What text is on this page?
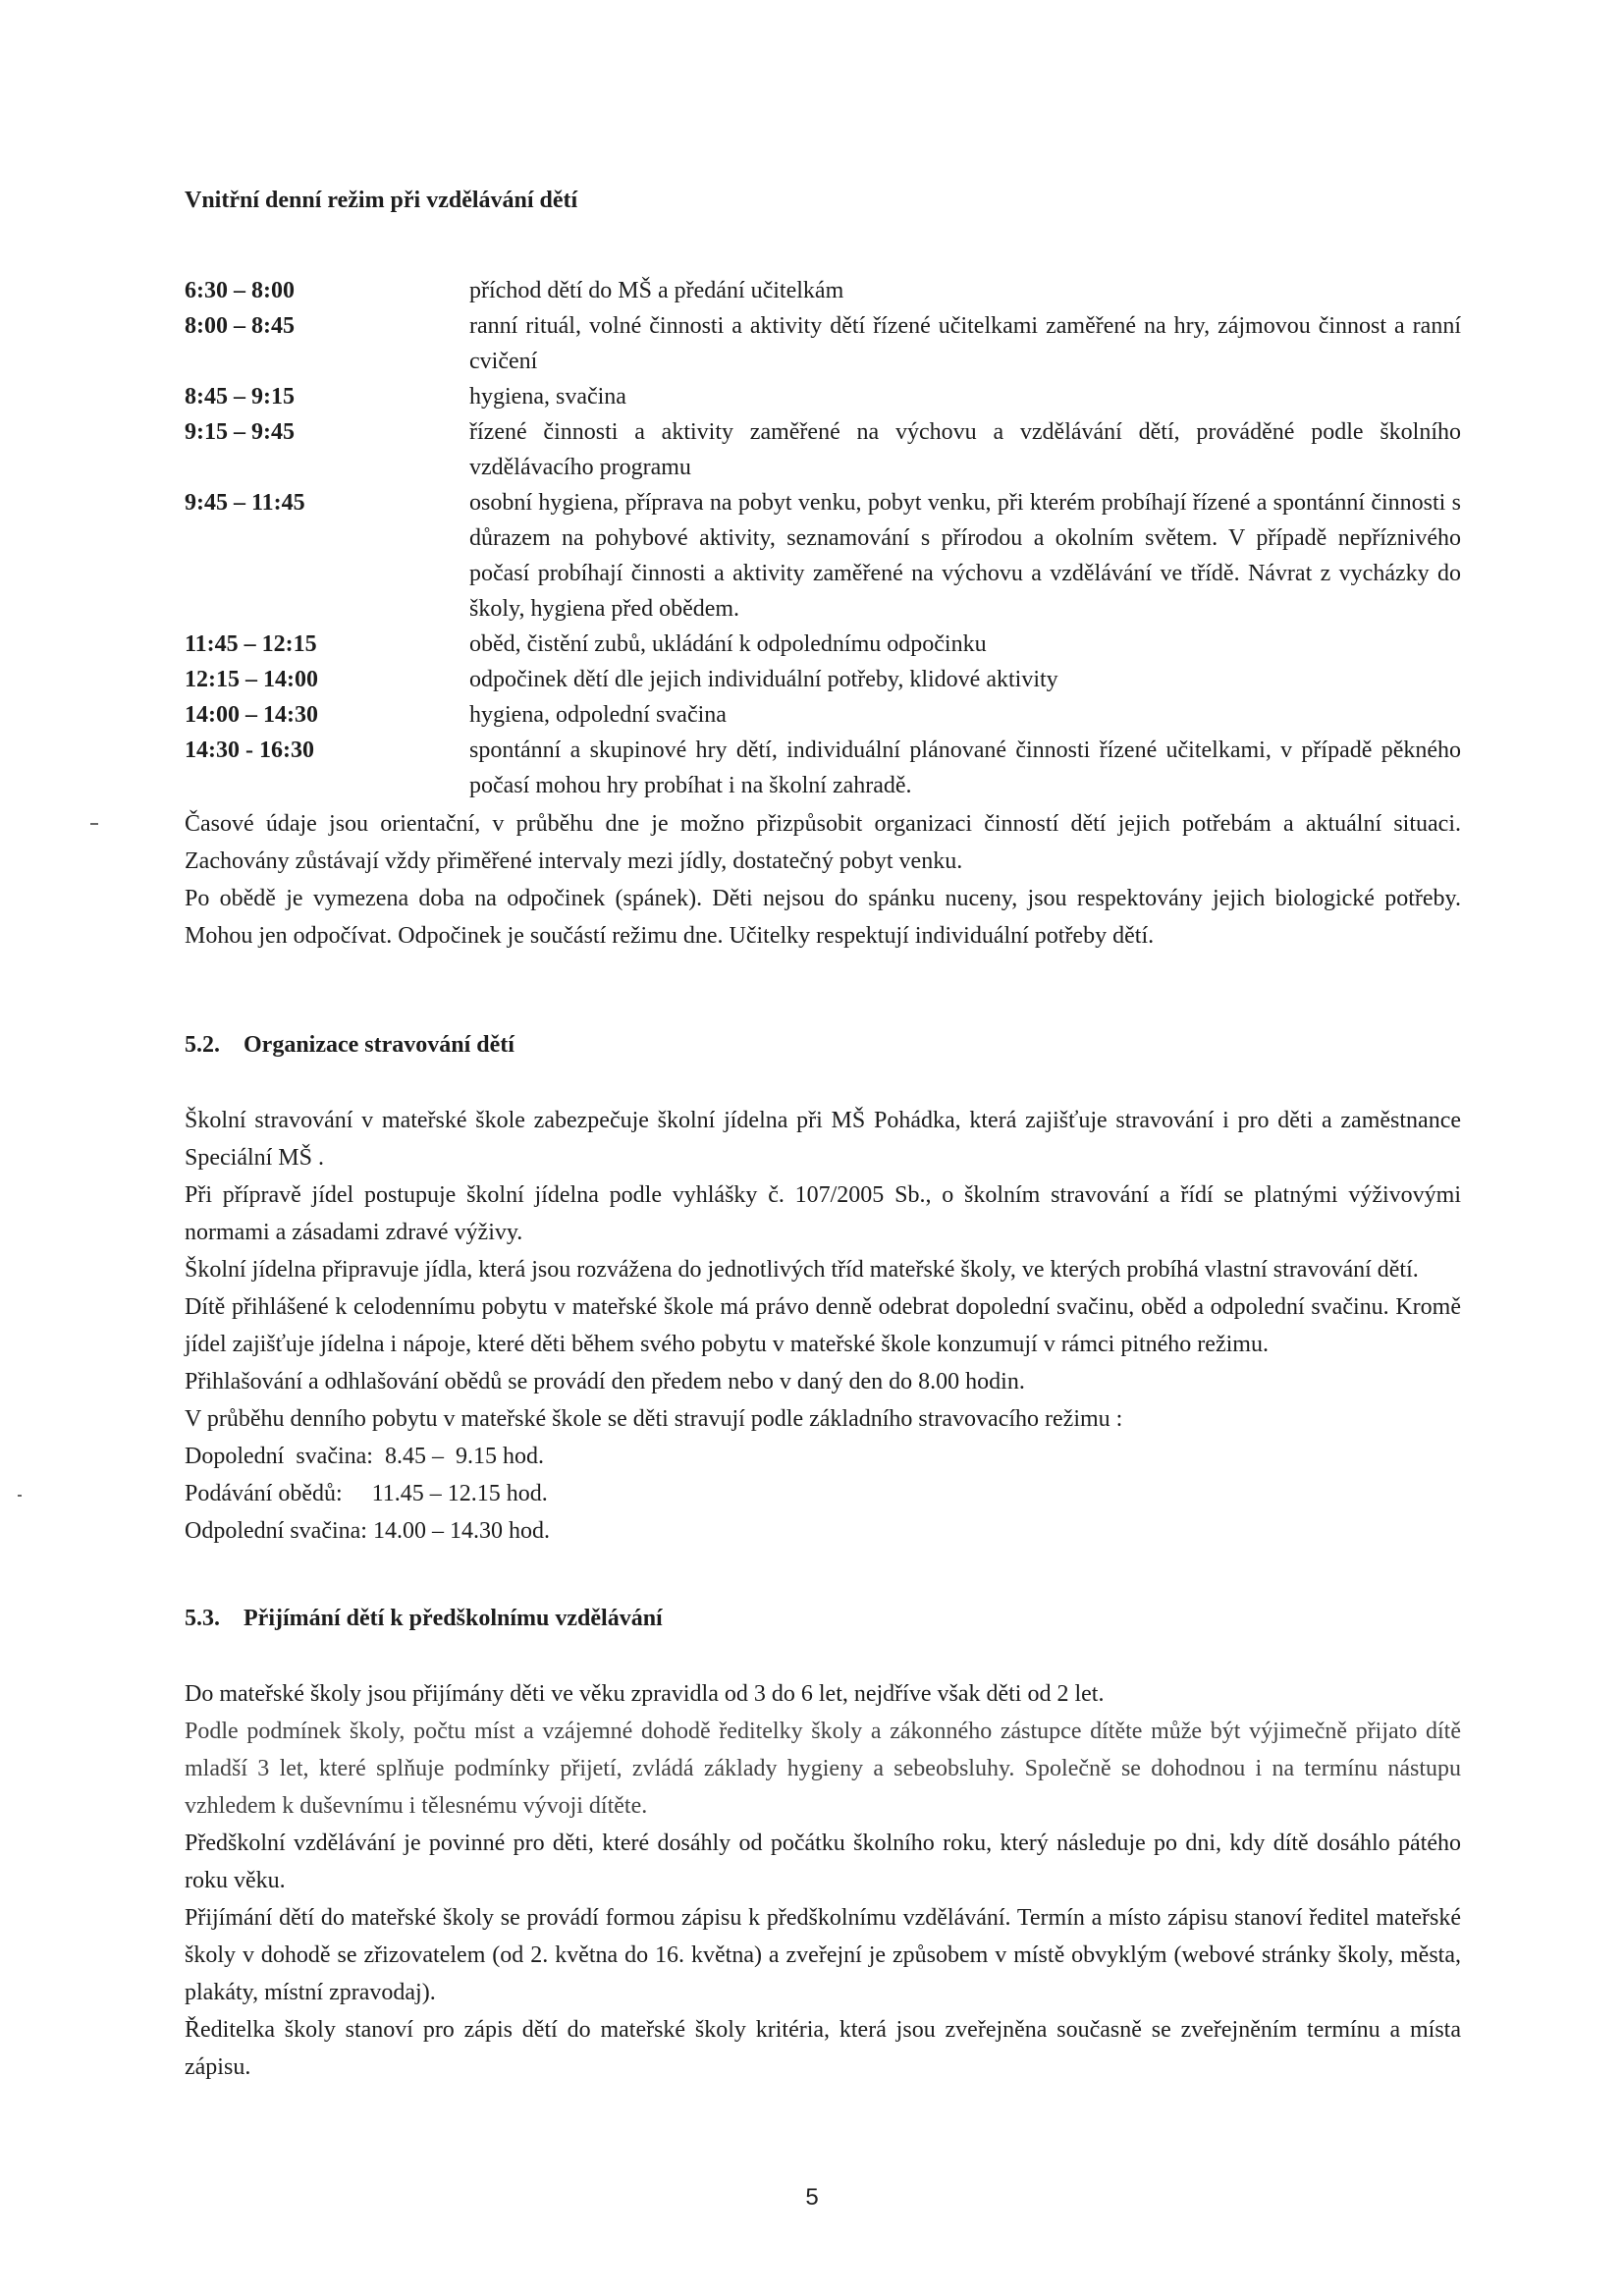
Vnitřní denní režim při vzdělávání dětí
6:30 – 8:00	příchod dětí do MŠ a předání učitelkám
8:00 – 8:45	ranní rituál, volné činnosti a aktivity dětí řízené učitelkami zaměřené na hry, zájmovou činnost a ranní cvičení
8:45 – 9:15	hygiena, svačina
9:15 – 9:45	řízené činnosti a aktivity zaměřené na výchovu a vzdělávání dětí, prováděné podle školního vzdělávacího programu
9:45 – 11:45	osobní hygiena, příprava na pobyt venku, pobyt venku, při kterém probíhají řízené a spontánní činnosti s důrazem na pohybové aktivity, seznamování s přírodou a okolním světem. V případě nepříznivého počasí probíhají činnosti a aktivity zaměřené na výchovu a vzdělávání ve třídě. Návrat z vycházky do školy, hygiena před obědem.
11:45 – 12:15	oběd, čistění zubů, ukládání k odpolednímu odpočinku
12:15 – 14:00	odpočinek dětí dle jejich individuální potřeby, klidové aktivity
14:00 – 14:30	hygiena, odpolední svačina
14:30 - 16:30	spontánní a skupinové hry dětí, individuální plánované činnosti řízené učitelkami, v případě pěkného počasí mohou hry probíhat i na školní zahradě.

Časové údaje jsou orientační, v průběhu dne je možno přizpůsobit organizaci činností dětí jejich potřebám a aktuální situaci. Zachovány zůstávají vždy přiměřené intervaly mezi jídly, dostatečný pobyt venku.

Po obědě je vymezena doba na odpočinek (spánek). Děti nejsou do spánku nuceny, jsou respektovány jejich biologické potřeby. Mohou jen odpočívat. Odpočinek je součástí režimu dne. Učitelky respektují individuální potřeby dětí.

5.2. Organizace stravování dětí

Školní stravování v mateřské škole zabezpečuje školní jídelna při MŠ Pohádka, která zajišťuje stravování i pro děti a zaměstnance Speciální MŠ .

Při přípravě jídel postupuje školní jídelna podle vyhlášky č. 107/2005 Sb., o školním stravování a řídí se platnými výživovými normami a zásadami zdravé výživy.

Školní jídelna připravuje jídla, která jsou rozvážena do jednotlivých tříd mateřské školy, ve kterých probíhá vlastní stravování dětí.

Dítě přihlášené k celodennímu pobytu v mateřské škole má právo denně odebrat dopolední svačinu, oběd a odpolední svačinu. Kromě jídel zajišťuje jídelna i nápoje, které děti během svého pobytu v mateřské škole konzumují v rámci pitného režimu.

Přihlašování a odhlašování obědů se provádí den předem nebo v daný den do 8.00 hodin.

V průběhu denního pobytu v mateřské škole se děti stravují podle základního stravovacího režimu :

Dopolední  svačina:  8.45 –  9.15 hod.

Podávání obědů:     11.45 – 12.15 hod.

Odpolední svačina: 14.00 – 14.30 hod.

5.3. Přijímání dětí k předškolnímu vzdělávání

Do mateřské školy jsou přijímány děti ve věku zpravidla od 3 do 6 let, nejdříve však děti od 2 let.

Podle podmínek školy, počtu míst a vzájemné dohodě ředitelky školy a zákonného zástupce dítěte může být výjimečně přijato dítě mladší 3 let, které splňuje podmínky přijetí, zvládá základy hygieny a sebeobsluhy. Společně se dohodnou i na termínu nástupu vzhledem k duševnímu i tělesnému vývoji dítěte.

Předškolní vzdělávání je povinné pro děti, které dosáhly od počátku školního roku, který následuje po dni, kdy dítě dosáhlo pátého roku věku.

Přijímání dětí do mateřské školy se provádí formou zápisu k předškolnímu vzdělávání. Termín a místo zápisu stanoví ředitel mateřské školy v dohodě se zřizovatelem (od 2. května do 16. května) a zveřejní je způsobem v místě obvyklým (webové stránky školy, města, plakáty, místní zpravodaj).

Ředitelka školy stanoví pro zápis dětí do mateřské školy kritéria, která jsou zveřejněna současně se zveřejněním termínu a místa zápisu.

5
